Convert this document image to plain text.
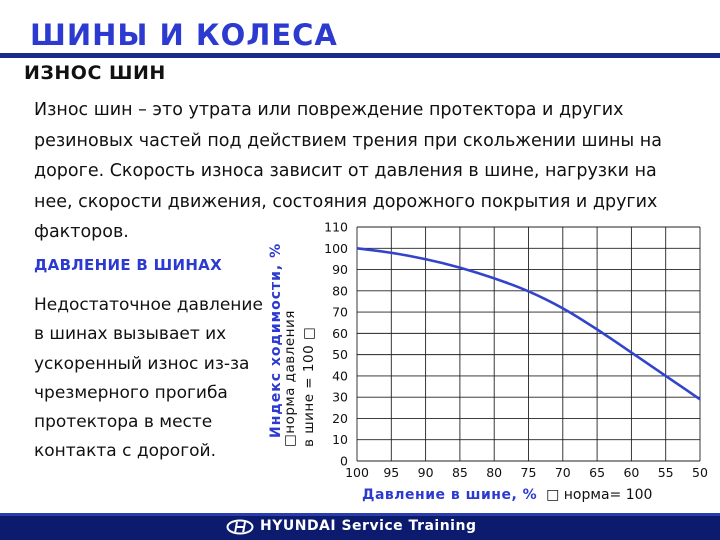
ШИНЫ И КОЛЕСА
ИЗНОС ШИН

Износ шин – это утрата или повреждение протектора и других резиновых частей под действием трения при скольжении шины на дороге. Скорость износа зависит от давления в шине, нагрузки на нее, скорости движения, состояния дорожного покрытия и других факторов.

ДАВЛЕНИЕ В ШИНАХ

Недостаточное давление в шинах вызывает их ускоренный износ из-за чрезмерного прогиба протектора в месте контакта с дорогой.

Индекс ходимости, %
□норма давления в шине = 100 □
0
10
20
30
40
50
60
70
80
90
100
110
100 95 90 85 80 75 70 65 60 55 50
Давление в шине, %  □ норма= 100
HYUNDAI Service Training
